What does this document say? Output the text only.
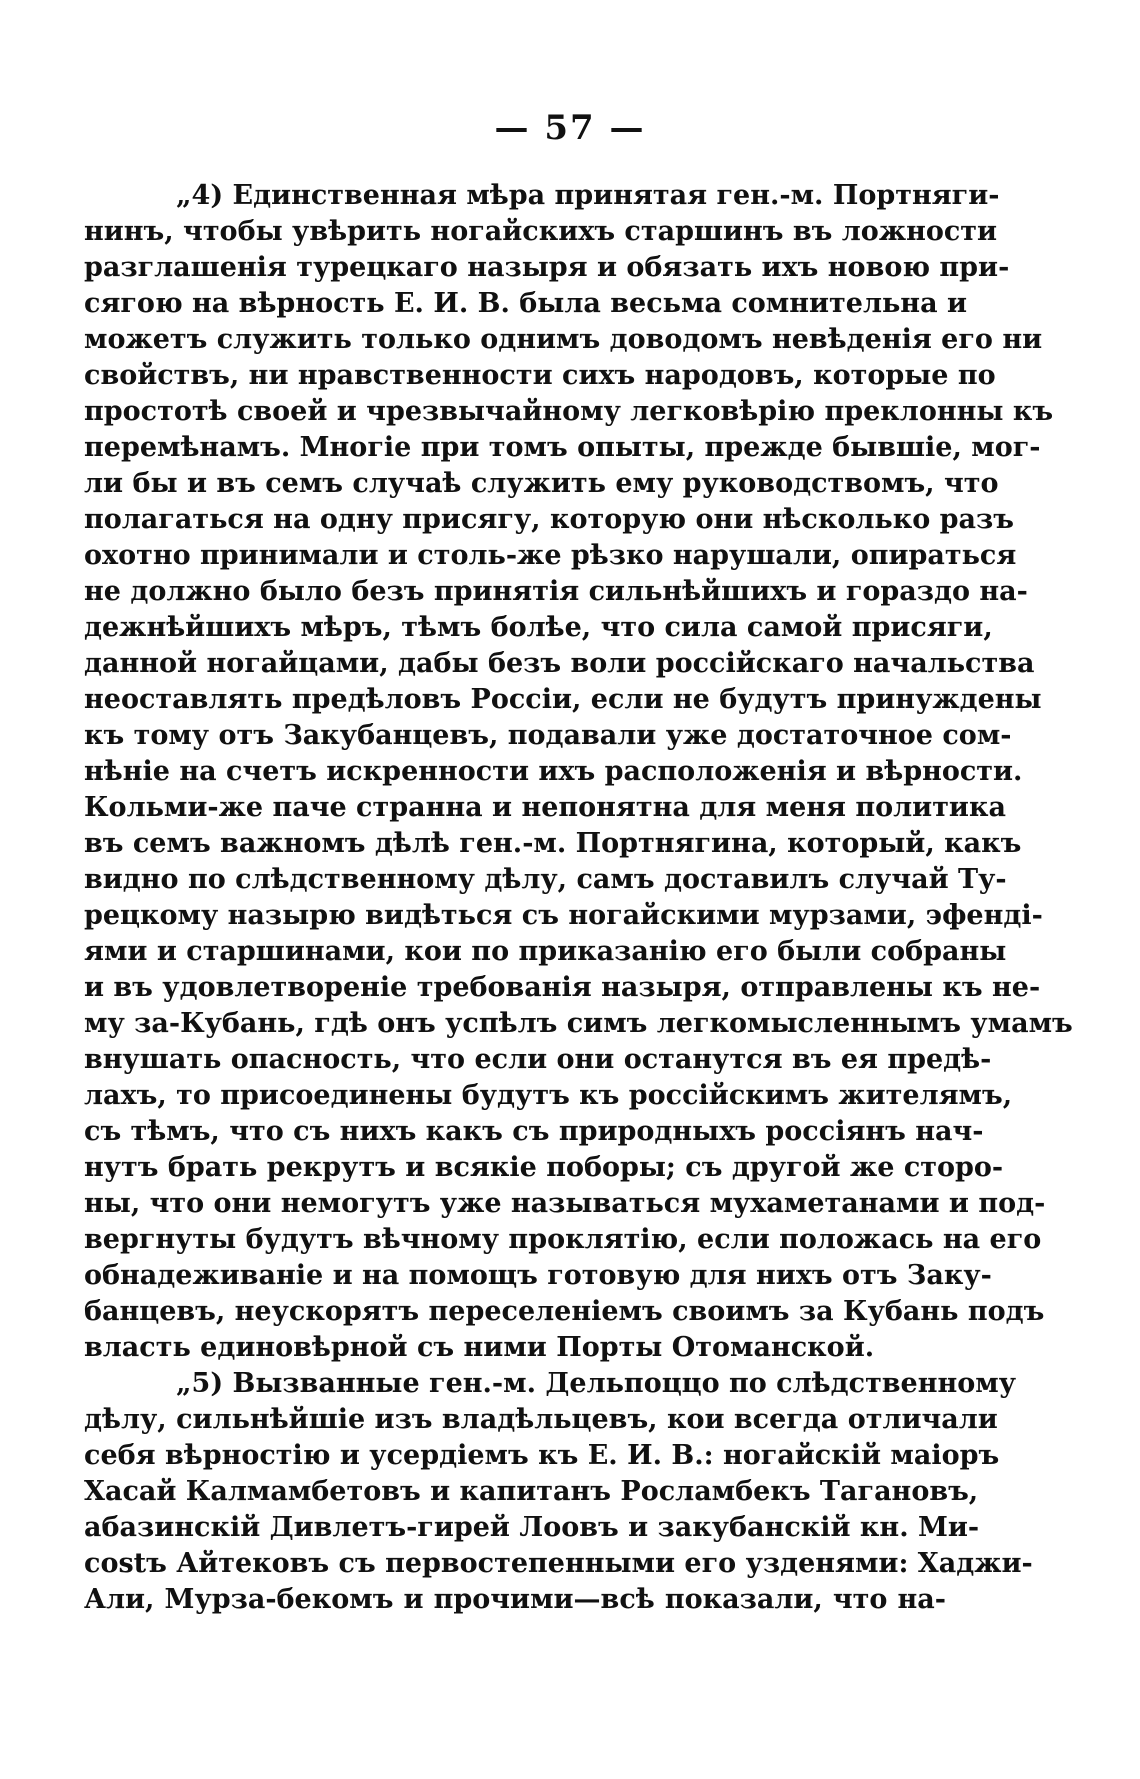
— 57 —
„4) Единственная мѣра принятая ген.-м. Портняги-
нинъ, чтобы увѣрить ногайскихъ старшинъ въ ложности
разглашенія турецкаго назыря и обязать ихъ новою при-
сягою на вѣрность Е. И. В. была весьма сомнительна и
можетъ служить только однимъ доводомъ невѣденія его ни
свойствъ, ни нравственности сихъ народовъ, которые по
простотѣ своей и чрезвычайному легковѣрію преклонны къ
перемѣнамъ. Многіе при томъ опыты, прежде бывшіе, мог-
ли бы и въ семъ случаѣ служить ему руководствомъ, что
полагаться на одну присягу, которую они нѣсколько разъ
охотно принимали и столь-же рѣзко нарушали, опираться
не должно было безъ принятія сильнѣйшихъ и гораздо на-
дежнѣйшихъ мѣръ, тѣмъ болѣе, что сила самой присяги,
данной ногайцами, дабы безъ воли россійскаго начальства
неоставлять предѣловъ Россіи, если не будутъ принуждены
къ тому отъ Закубанцевъ, подавали уже достаточное сом-
нѣніе на счетъ искренности ихъ расположенія и вѣрности.
Кольми-же паче странна и непонятна для меня политика
въ семъ важномъ дѣлѣ ген.-м. Портнягина, который, какъ
видно по слѣдственному дѣлу, самъ доставилъ случай Ту-
рецкому назырю видѣться съ ногайскими мурзами, эфенді-
ями и старшинами, кои по приказанію его были собраны
и въ удовлетвореніе требованія назыря, отправлены къ не-
му за-Кубань, гдѣ онъ успѣлъ симъ легкомысленнымъ умамъ
внушать опасность, что если они останутся въ ея предѣ-
лахъ, то присоединены будутъ къ россійскимъ жителямъ,
съ тѣмъ, что съ нихъ какъ съ природныхъ россіянъ нач-
нутъ брать рекрутъ и всякіе поборы; съ другой же сторо-
ны, что они немогутъ уже называться мухаметанами и под-
вергнуты будутъ вѣчному проклятію, если положась на его
обнадеживаніе и на помощъ готовую для нихъ отъ Заку-
банцевъ, неускорятъ переселеніемъ своимъ за Кубань подъ
власть единовѣрной съ ними Порты Отоманской.
„5) Вызванные ген.-м. Дельпоццо по слѣдственному
дѣлу, сильнѣйшіе изъ владѣльцевъ, кои всегда отличали
себя вѣрностію и усердіемъ къ Е. И. В.: ногайскій маіоръ
Хасай Калмамбетовъ и капитанъ Росламбекъ Тагановъ,
абазинскій Дивлетъ-гирей Лоовъ и закубанскій кн. Ми-
сostъ Айтековъ съ первостепенными его узденями: Хаджи-
Али, Мурза-бекомъ и прочими—всѣ показали, что на-
